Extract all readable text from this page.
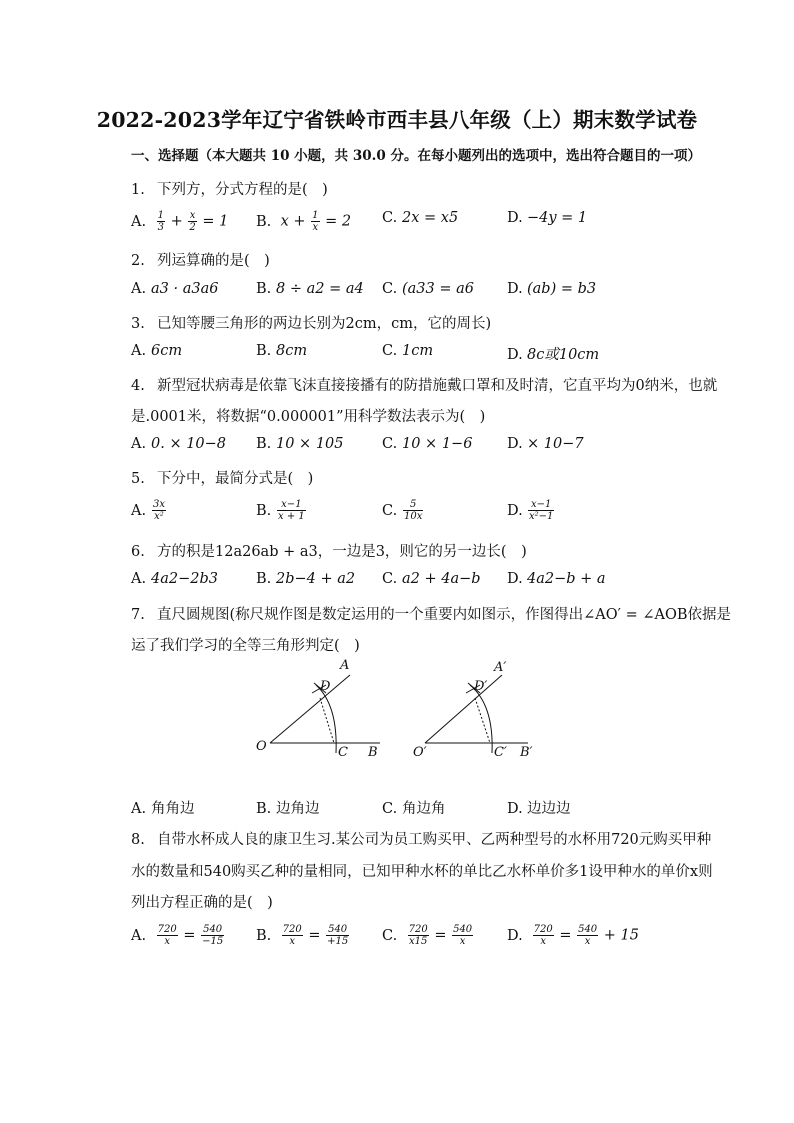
2022-2023学年辽宁省铁岭市西丰县八年级（上）期末数学试卷
一、选择题（本大题共 10 小题，共 30.0 分。在每小题列出的选项中，选出符合题目的一项）
1. 下列方，分式方程的是(　)
A. $\frac{1}{3} + \frac{x}{2} = 1$ B. $x + \frac{1}{x} = 2$ C. 2x = x5	D. −4y = 1
2. 列运算确的是(　)
A. a3 · a3a6	B. 8 ÷ a2 = a4 C. (a33 = a6 D. (ab) = b3
3. 已知等腰三角形的两边长别为2cm，cm，它的周长)
A. 6cm	B. 8cm	C. 1cm	D. 8c或10cm
4. 新型冠状病毒是依靠飞沫直接接播有的防措施戴口罩和及时清，它直平均为0纳米，也就
是.0001米，将数据“0.000001”用科学数法表示为(　)
A. 0. × 10−8 B. 10 × 105	C. 10 × 1−6 D. × 10−7
5. 下分中，最简分式是(　)
A. $\frac{3x}{\text{x²}}$	B. $\frac{x-1}{x + 1}$	C. $\frac{5}{10x}$	D. $\frac{x-1}{\text{x²−1}}$
6. 方的积是12a26ab + a3，一边是3，则它的另一边长(　)
A. 4a2−2b3	B. 2b−4 + a2 C. a2 + 4a−b D. 4a2−b + a
7. 直尺圆规图(称尺规作图是数定运用的一个重要内如图示，作图得出∠AO′ = ∠AOB依据是
运了我们学习的全等三角形判定(　)
O	C B
D
A
O′	C′ B′
D′
A′
A. 角角边	B. 边角边	C. 角边角	D. 边边边
8. 自带水杯成人良的康卫生习.某公司为员工购买甲、乙两种型号的水杯用720元购买甲种
水的数量和540购买乙种的量相同，已知甲种水杯的单比乙水杯单价多1设甲种水的单价x则
列出方程正确的是(　)
A. $\frac{720}{x} = \frac{540}{-15} B$. $\frac{720}{x} = \frac{540}{+15} C$. $\frac{720}{x15} = \frac{540}{x} D$. $\frac{720}{x} = \frac{540}{x} + 15$
